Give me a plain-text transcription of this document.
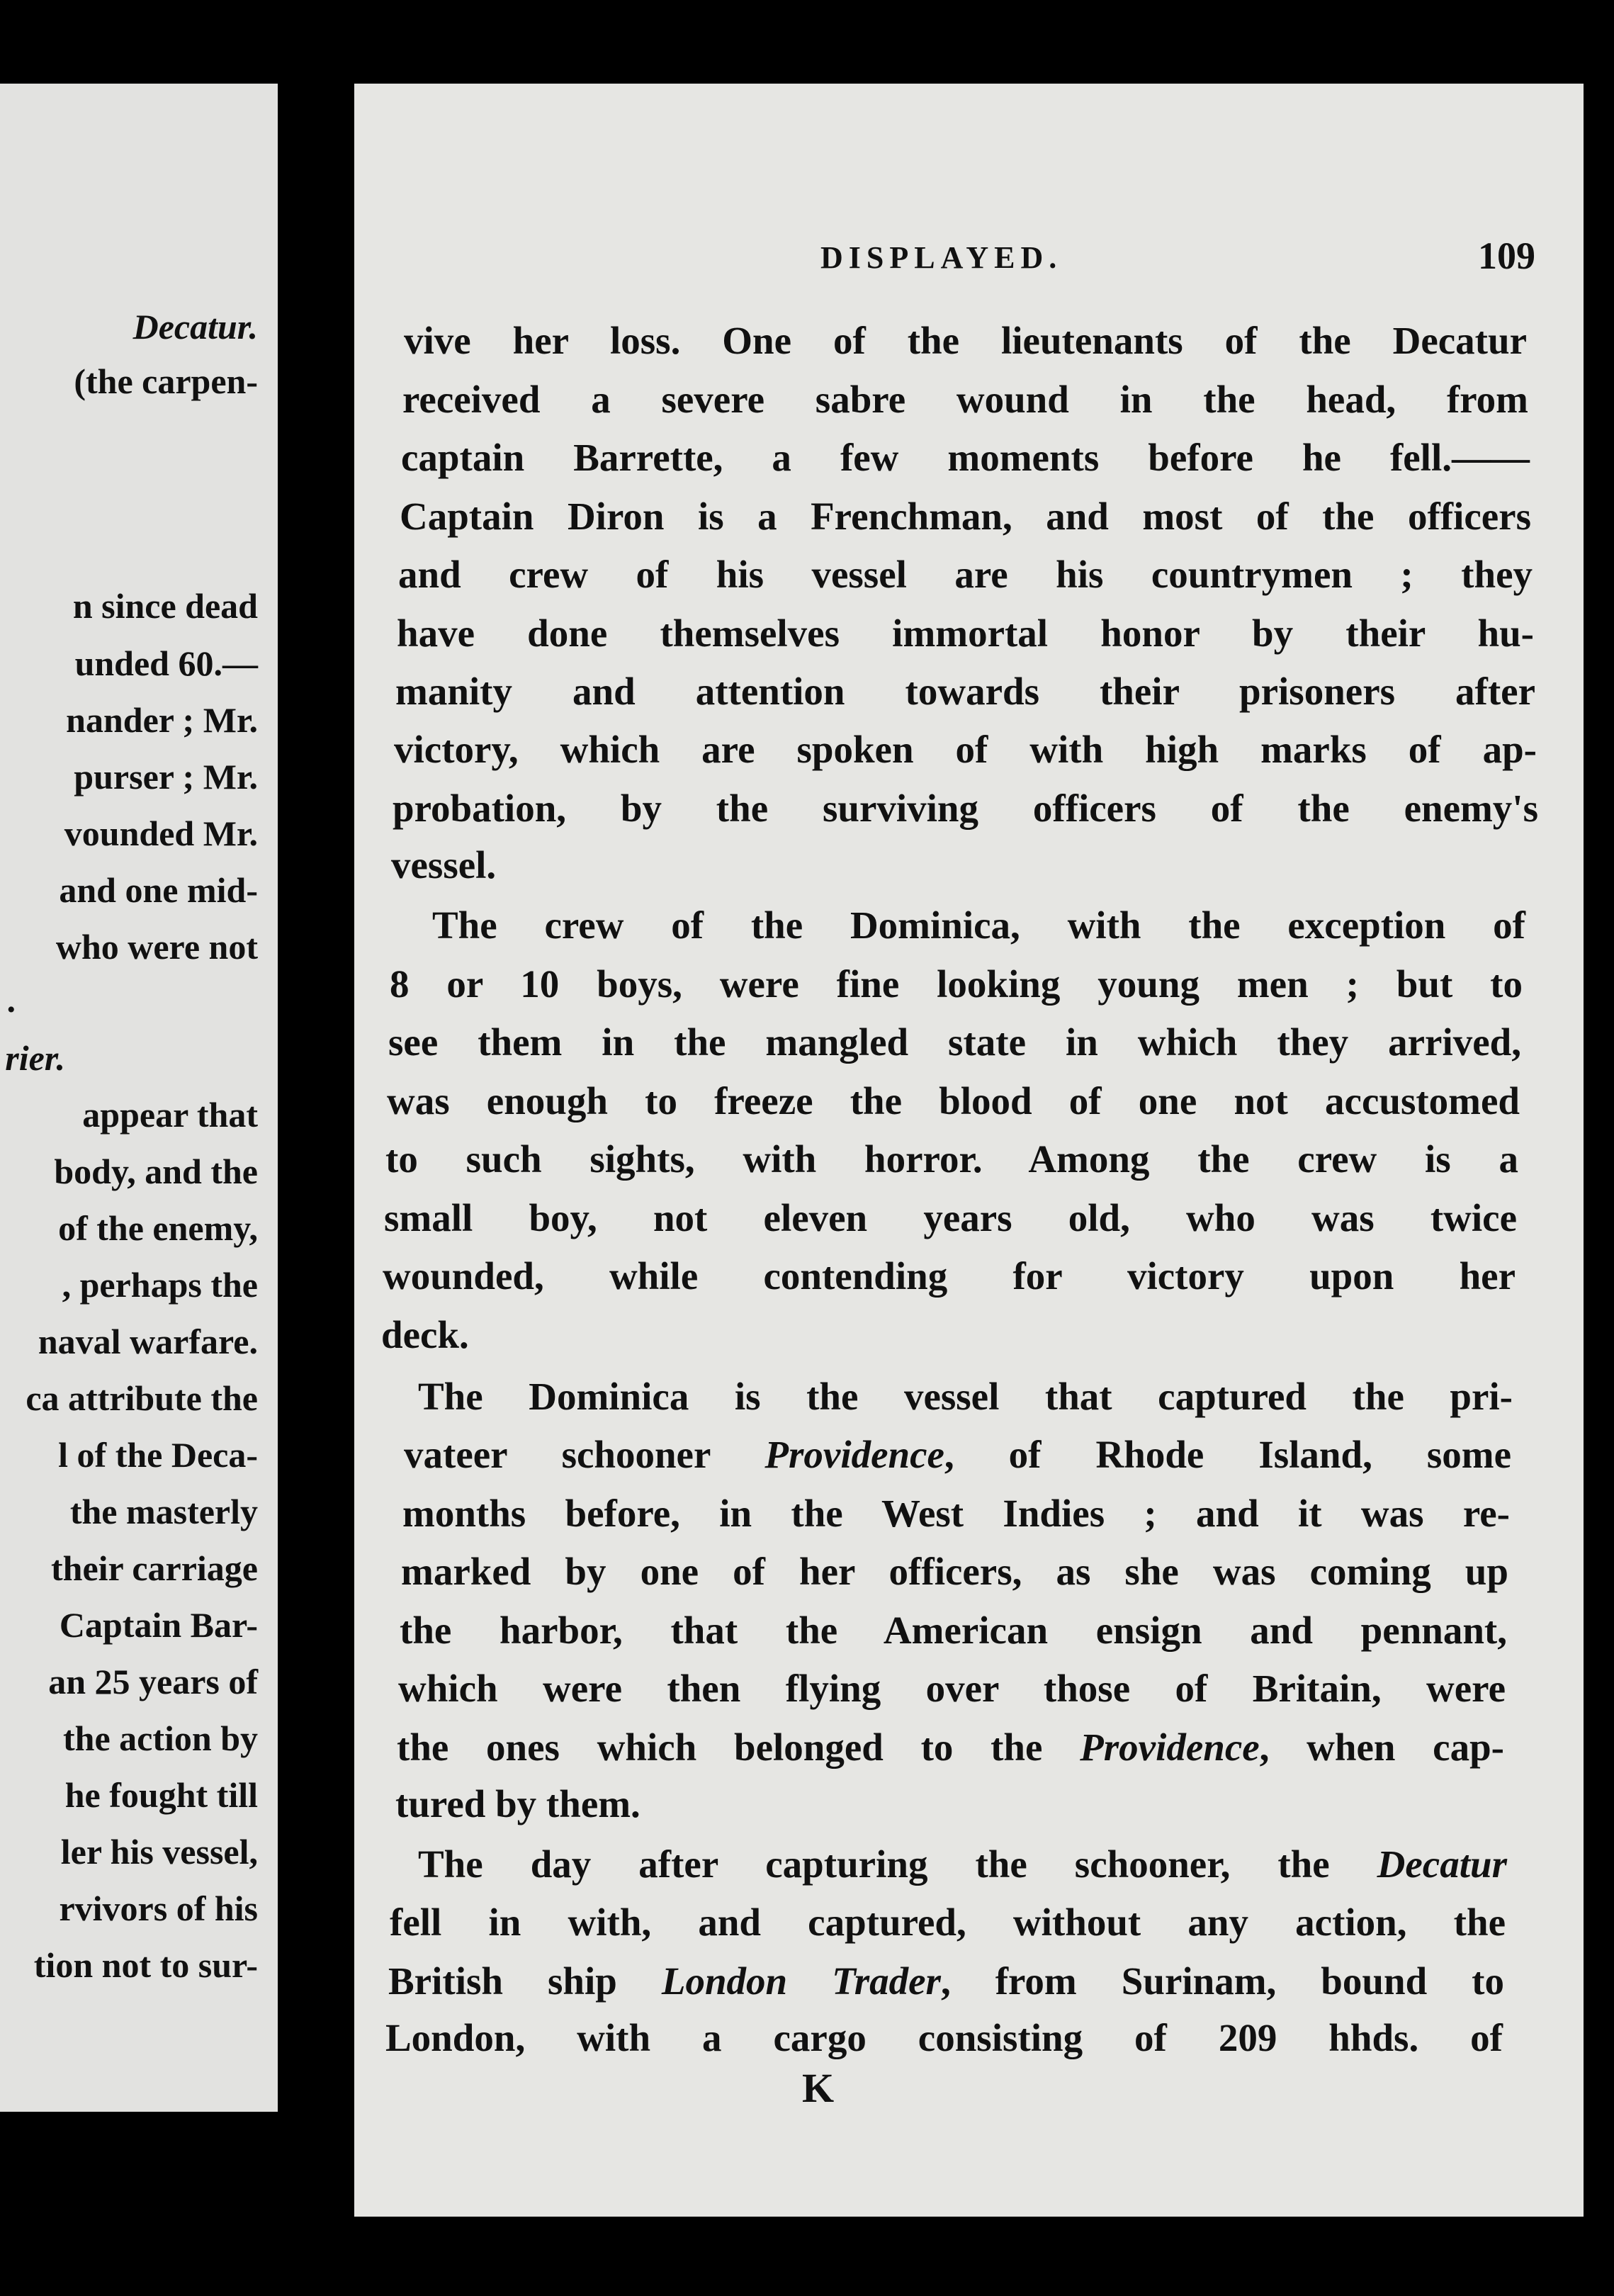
Decatur.
(the carpen-
n since dead
unded 60.—
nander ; Mr.
purser ; Mr.
vounded Mr.
and one mid-
who were not
.
rier.
appear that
body, and the
of the enemy,
, perhaps the
naval warfare.
ca attribute the
l of the Deca-
the masterly
their carriage
Captain Bar-
an 25 years of
the action by
he fought till
ler his vessel,
rvivors of his
tion not to sur-
DISPLAYED.	109
vive her loss. One of the lieutenants of the Decatur
received a severe sabre wound in the head, from
captain Barrette, a few moments before he fell.——
Captain Diron is a Frenchman, and most of the officers
and crew of his vessel are his countrymen ; they
have done themselves immortal honor by their hu-
manity and attention towards their prisoners after
victory, which are spoken of with high marks of ap-
probation, by the surviving officers of the enemy's
vessel.
The crew of the Dominica, with the exception of
8 or 10 boys, were fine looking young men ; but to
see them in the mangled state in which they arrived,
was enough to freeze the blood of one not accustomed
to such sights, with horror. Among the crew is a
small boy, not eleven years old, who was twice
wounded, while contending for victory upon her
deck.
The Dominica is the vessel that captured the pri-
vateer schooner Providence, of Rhode Island, some
months before, in the West Indies ; and it was re-
marked by one of her officers, as she was coming up
the harbor, that the American ensign and pennant,
which were then flying over those of Britain, were
the ones which belonged to the Providence, when cap-
tured by them.
The day after capturing the schooner, the Decatur
fell in with, and captured, without any action, the
British ship London Trader, from Surinam, bound to
London, with a cargo consisting of 209 hhds. of
K
